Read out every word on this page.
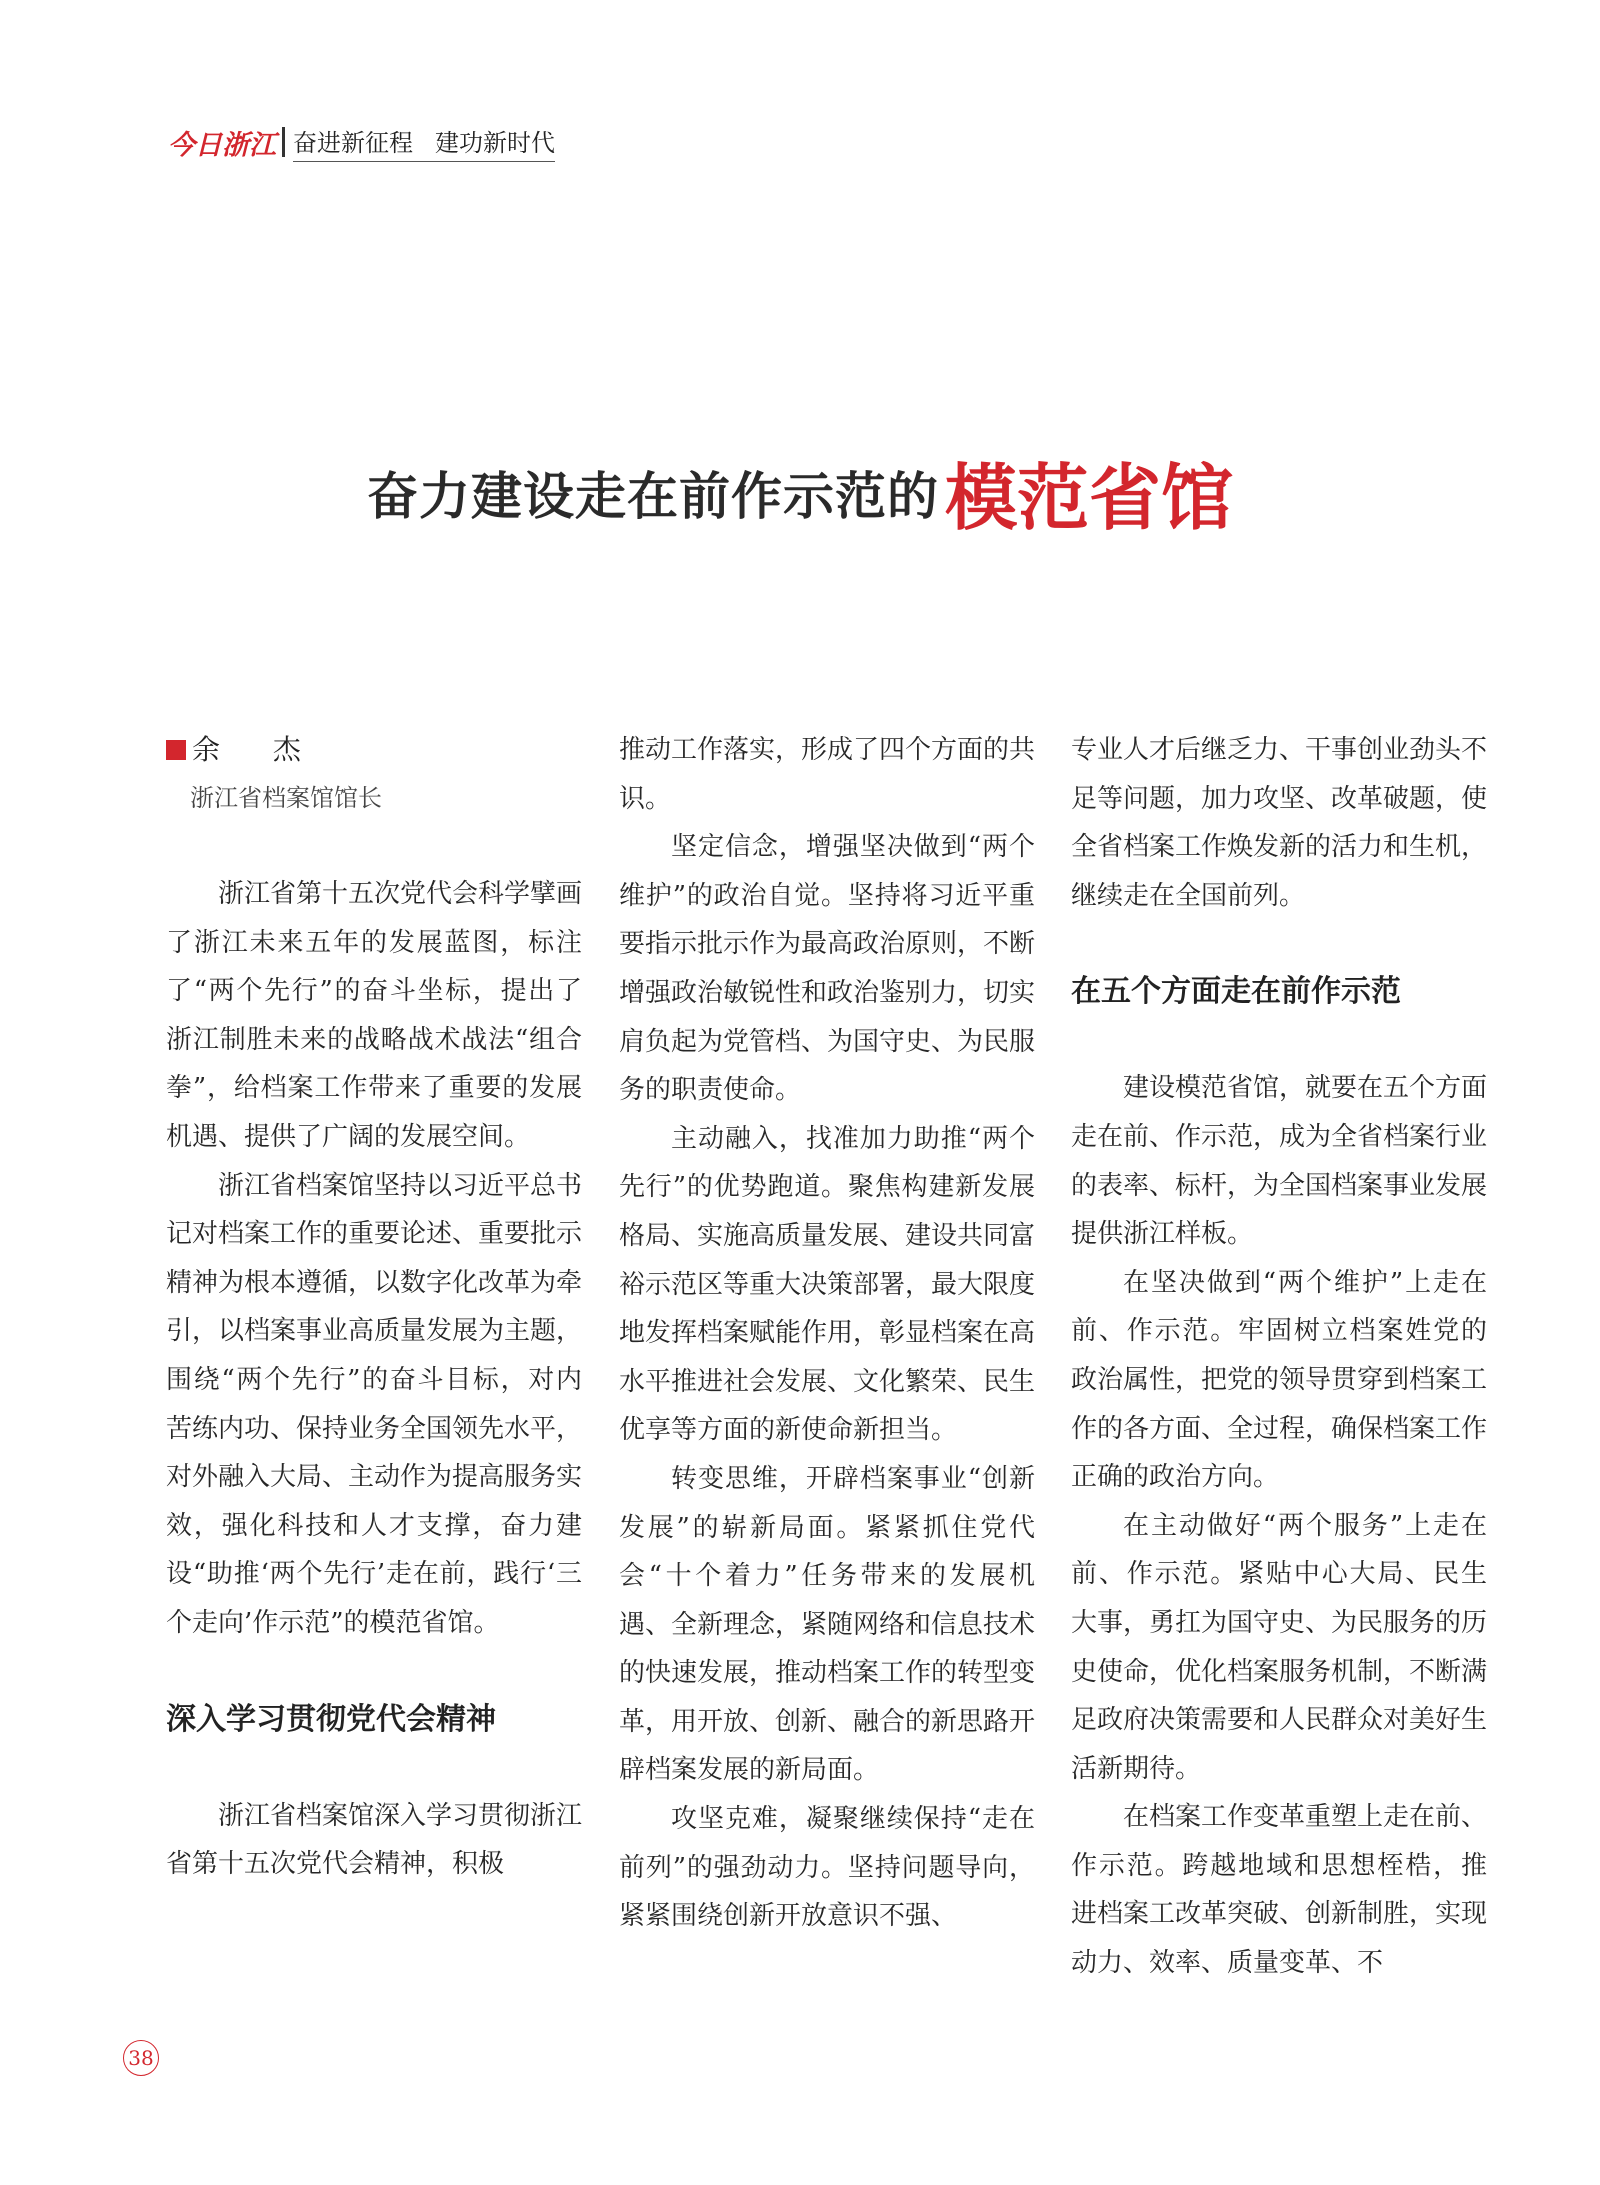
今日浙江 奋进新征程 建功新时代
奋力建设走在前作示范的模范省馆
余 杰
浙江省档案馆馆长

浙江省第十五次党代会科学擘画了浙江未来五年的发展蓝图，标注了“两个先行”的奋斗坐标，提出了浙江制胜未来的战略战术战法“组合拳”，给档案工作带来了重要的发展机遇、提供了广阔的发展空间。

浙江省档案馆坚持以习近平总书记对档案工作的重要论述、重要批示精神为根本遵循，以数字化改革为牵引，以档案事业高质量发展为主题，围绕“两个先行”的奋斗目标，对内苦练内功、保持业务全国领先水平，对外融入大局、主动作为提高服务实效，强化科技和人才支撑，奋力建设“助推‘两个先行’走在前，践行‘三个走向’作示范”的模范省馆。

深入学习贯彻党代会精神

浙江省档案馆深入学习贯彻浙江省第十五次党代会精神，积极

推动工作落实，形成了四个方面的共识。

坚定信念，增强坚决做到“两个维护”的政治自觉。坚持将习近平重要指示批示作为最高政治原则，不断增强政治敏锐性和政治鉴别力，切实肩负起为党管档、为国守史、为民服务的职责使命。

主动融入，找准加力助推“两个先行”的优势跑道。聚焦构建新发展格局、实施高质量发展、建设共同富裕示范区等重大决策部署，最大限度地发挥档案赋能作用，彰显档案在高水平推进社会发展、文化繁荣、民生优享等方面的新使命新担当。

转变思维，开辟档案事业“创新发展”的崭新局面。紧紧抓住党代会“十个着力”任务带来的发展机遇、全新理念，紧随网络和信息技术的快速发展，推动档案工作的转型变革，用开放、创新、融合的新思路开辟档案发展的新局面。

攻坚克难，凝聚继续保持“走在前列”的强劲动力。坚持问题导向，紧紧围绕创新开放意识不强、

专业人才后继乏力、干事创业劲头不足等问题，加力攻坚、改革破题，使全省档案工作焕发新的活力和生机，继续走在全国前列。

在五个方面走在前作示范

建设模范省馆，就要在五个方面走在前、作示范，成为全省档案行业的表率、标杆，为全国档案事业发展提供浙江样板。

在坚决做到“两个维护”上走在前、作示范。牢固树立档案姓党的政治属性，把党的领导贯穿到档案工作的各方面、全过程，确保档案工作正确的政治方向。

在主动做好“两个服务”上走在前、作示范。紧贴中心大局、民生大事，勇扛为国守史、为民服务的历史使命，优化档案服务机制，不断满足政府决策需要和人民群众对美好生活新期待。

在档案工作变革重塑上走在前、作示范。跨越地域和思想桎梏，推进档案工改革突破、创新制胜，实现动力、效率、质量变革、不

38
